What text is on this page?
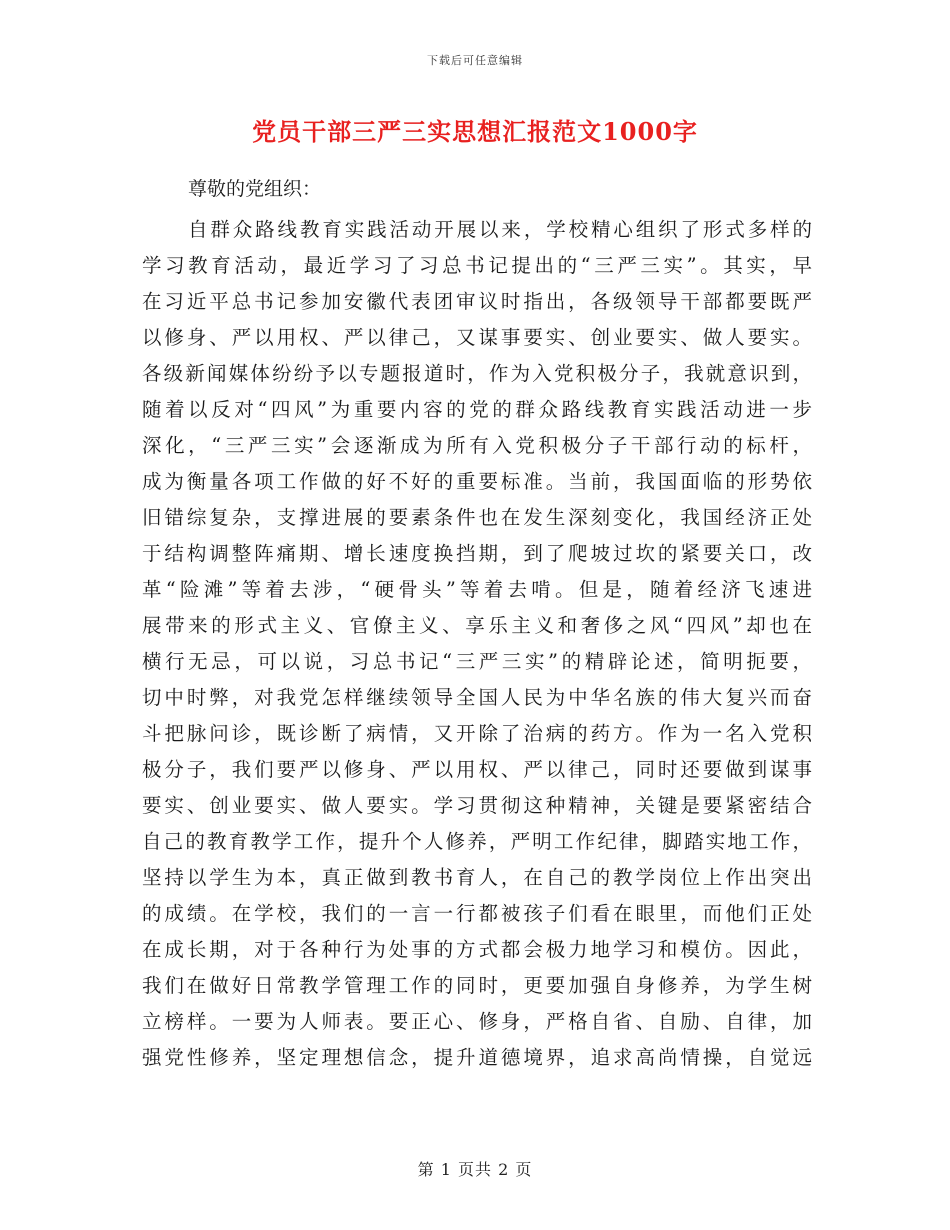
下载后可任意编辑
党员干部三严三实思想汇报范文1000字
尊敬的党组织：
自群众路线教育实践活动开展以来，学校精心组织了形式多样的
学习教育活动，最近学习了习总书记提出的“三严三实”。其实，早
在习近平总书记参加安徽代表团审议时指出，各级领导干部都要既严
以修身、严以用权、严以律己，又谋事要实、创业要实、做人要实。
各级新闻媒体纷纷予以专题报道时，作为入党积极分子，我就意识到，
随着以反对“四风”为重要内容的党的群众路线教育实践活动进一步
深化，“三严三实”会逐渐成为所有入党积极分子干部行动的标杆，
成为衡量各项工作做的好不好的重要标准。当前，我国面临的形势依
旧错综复杂，支撑进展的要素条件也在发生深刻变化，我国经济正处
于结构调整阵痛期、增长速度换挡期，到了爬坡过坎的紧要关口，改
革“险滩”等着去涉，“硬骨头”等着去啃。但是，随着经济飞速进
展带来的形式主义、官僚主义、享乐主义和奢侈之风“四风”却也在
横行无忌，可以说，习总书记“三严三实”的精辟论述，简明扼要，
切中时弊，对我党怎样继续领导全国人民为中华名族的伟大复兴而奋
斗把脉问诊，既诊断了病情，又开除了治病的药方。作为一名入党积
极分子，我们要严以修身、严以用权、严以律己，同时还要做到谋事
要实、创业要实、做人要实。学习贯彻这种精神，关键是要紧密结合
自己的教育教学工作，提升个人修养，严明工作纪律，脚踏实地工作，
坚持以学生为本，真正做到教书育人，在自己的教学岗位上作出突出
的成绩。在学校，我们的一言一行都被孩子们看在眼里，而他们正处
在成长期，对于各种行为处事的方式都会极力地学习和模仿。因此，
我们在做好日常教学管理工作的同时，更要加强自身修养，为学生树
立榜样。一要为人师表。要正心、修身，严格自省、自励、自律，加
强党性修养，坚定理想信念，提升道德境界，追求高尚情操，自觉远
第 1 页共 2 页
